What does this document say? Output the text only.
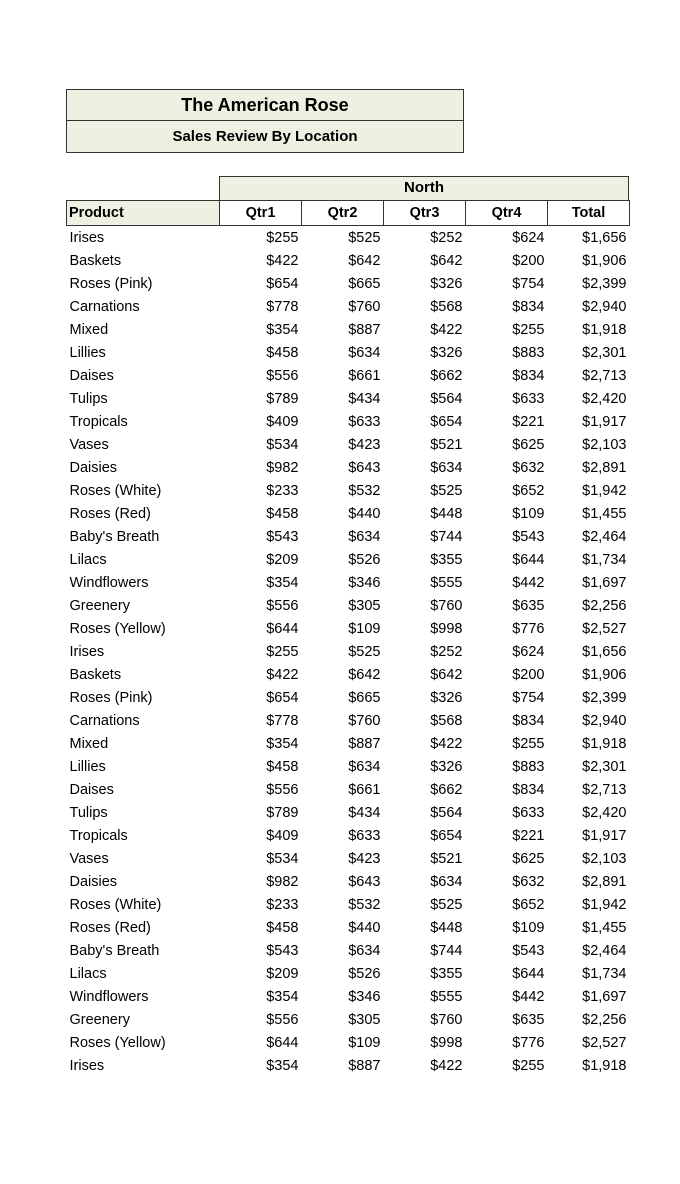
The American Rose
Sales Review By Location
North
Product	Qtr1	Qtr2	Qtr3	Qtr4	Total
Irises	$255	$525	$252	$624	$1,656
Baskets	$422	$642	$642	$200	$1,906
Roses (Pink)	$654	$665	$326	$754	$2,399
Carnations	$778	$760	$568	$834	$2,940
Mixed	$354	$887	$422	$255	$1,918
Lillies	$458	$634	$326	$883	$2,301
Daises	$556	$661	$662	$834	$2,713
Tulips	$789	$434	$564	$633	$2,420
Tropicals	$409	$633	$654	$221	$1,917
Vases	$534	$423	$521	$625	$2,103
Daisies	$982	$643	$634	$632	$2,891
Roses (White)	$233	$532	$525	$652	$1,942
Roses (Red)	$458	$440	$448	$109	$1,455
Baby's Breath	$543	$634	$744	$543	$2,464
Lilacs	$209	$526	$355	$644	$1,734
Windflowers	$354	$346	$555	$442	$1,697
Greenery	$556	$305	$760	$635	$2,256
Roses (Yellow)	$644	$109	$998	$776	$2,527
Irises	$255	$525	$252	$624	$1,656
Baskets	$422	$642	$642	$200	$1,906
Roses (Pink)	$654	$665	$326	$754	$2,399
Carnations	$778	$760	$568	$834	$2,940
Mixed	$354	$887	$422	$255	$1,918
Lillies	$458	$634	$326	$883	$2,301
Daises	$556	$661	$662	$834	$2,713
Tulips	$789	$434	$564	$633	$2,420
Tropicals	$409	$633	$654	$221	$1,917
Vases	$534	$423	$521	$625	$2,103
Daisies	$982	$643	$634	$632	$2,891
Roses (White)	$233	$532	$525	$652	$1,942
Roses (Red)	$458	$440	$448	$109	$1,455
Baby's Breath	$543	$634	$744	$543	$2,464
Lilacs	$209	$526	$355	$644	$1,734
Windflowers	$354	$346	$555	$442	$1,697
Greenery	$556	$305	$760	$635	$2,256
Roses (Yellow)	$644	$109	$998	$776	$2,527
Irises	$354	$887	$422	$255	$1,918
